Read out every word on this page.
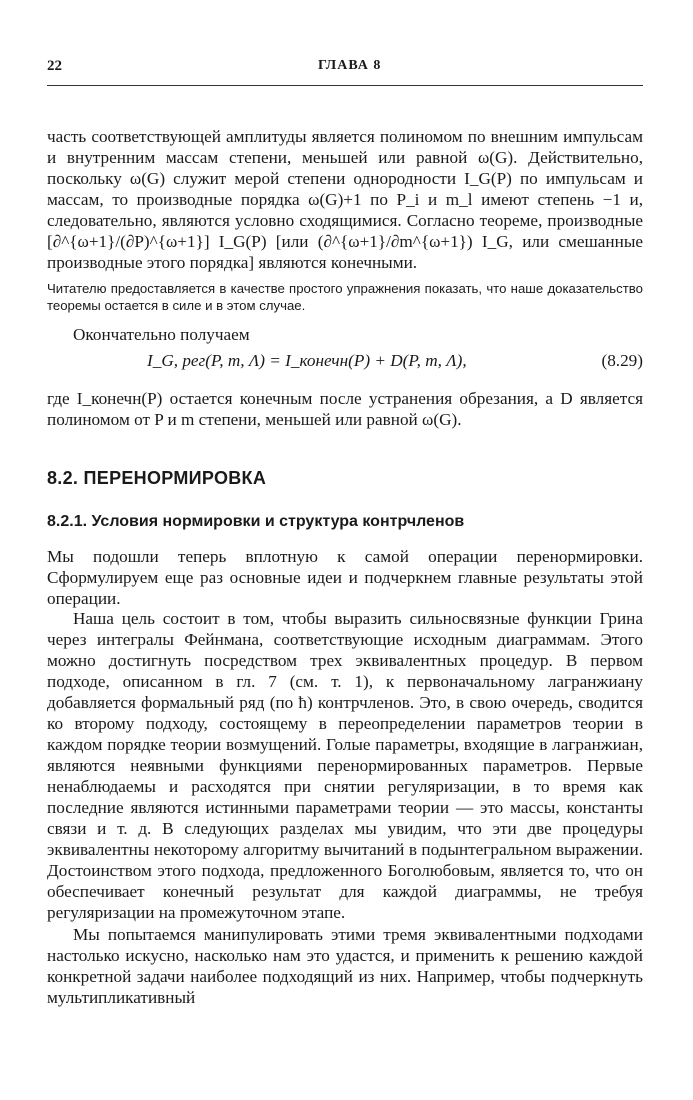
22	ГЛАВА 8

часть соответствующей амплитуды является полиномом по внешним импульсам и внутренним массам степени, меньшей или равной ω(G). Действительно, поскольку ω(G) служит мерой степени однородности I_G(P) по импульсам и массам, то производные порядка ω(G)+1 по P_i и m_l имеют степень −1 и, следовательно, являются условно сходящимися. Согласно теореме, производные [∂^{ω+1}/(∂P)^{ω+1}] I_G(P) [или (∂^{ω+1}/∂m^{ω+1}) I_G, или смешанные производные этого порядка] являются конечными.

Читателю предоставляется в качестве простого упражнения показать, что наше доказательство теоремы остается в силе и в этом случае.

Окончательно получаем

I_G, рег(P, m, Λ) = I_конечн(P) + D(P, m, Λ),	(8.29)

где I_конечн(P) остается конечным после устранения обрезания, а D является полиномом от P и m степени, меньшей или равной ω(G).

8.2. ПЕРЕНОРМИРОВКА
8.2.1. Условия нормировки и структура контрчленов

Мы подошли теперь вплотную к самой операции перенормировки. Сформулируем еще раз основные идеи и подчеркнем главные результаты этой операции.

Наша цель состоит в том, чтобы выразить сильносвязные функции Грина через интегралы Фейнмана, соответствующие исходным диаграммам. Этого можно достигнуть посредством трех эквивалентных процедур. В первом подходе, описанном в гл. 7 (см. т. 1), к первоначальному лагранжиану добавляется формальный ряд (по ħ) контрчленов. Это, в свою очередь, сводится ко второму подходу, состоящему в переопределении параметров теории в каждом порядке теории возмущений. Голые параметры, входящие в лагранжиан, являются неявными функциями перенормированных параметров. Первые ненаблюдаемы и расходятся при снятии регуляризации, в то время как последние являются истинными параметрами теории — это массы, константы связи и т. д. В следующих разделах мы увидим, что эти две процедуры эквивалентны некоторому алгоритму вычитаний в подынтегральном выражении. Достоинством этого подхода, предложенного Боголюбовым, является то, что он обеспечивает конечный результат для каждой диаграммы, не требуя регуляризации на промежуточном этапе.

Мы попытаемся манипулировать этими тремя эквивалентными подходами настолько искусно, насколько нам это удастся, и применить к решению каждой конкретной задачи наиболее подходящий из них. Например, чтобы подчеркнуть мультипликативный
